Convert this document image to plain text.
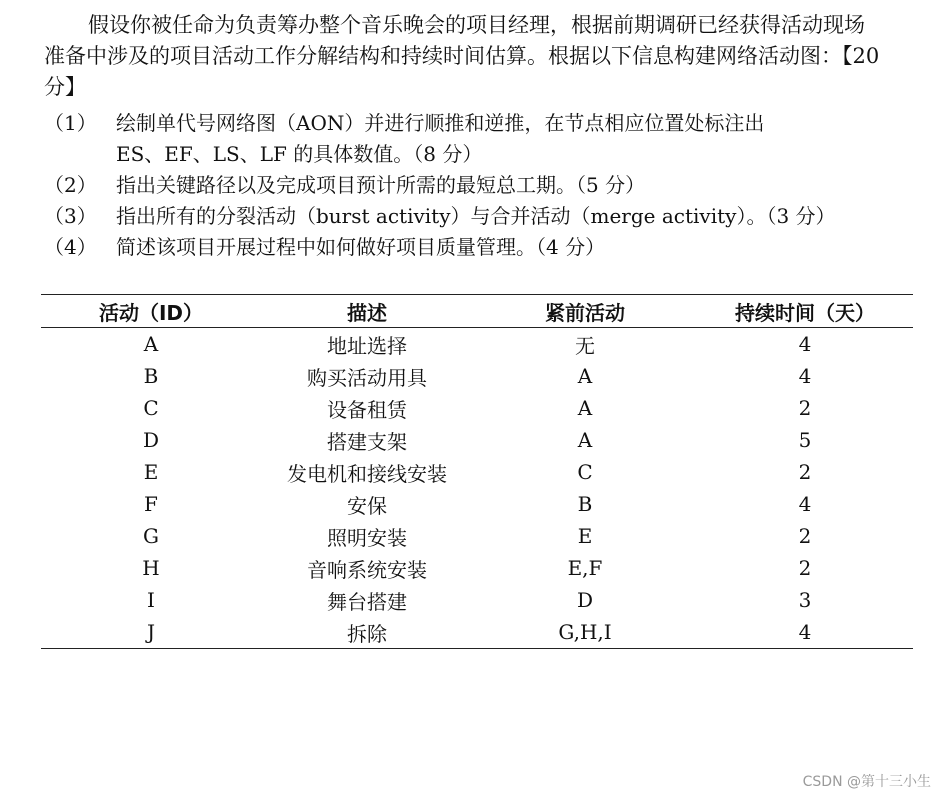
假设你被任命为负责筹办整个音乐晚会的项目经理，根据前期调研已经获得活动现场准备中涉及的项目活动工作分解结构和持续时间估算。根据以下信息构建网络活动图：【20 分】

（1） 绘制单代号网络图（AON）并进行顺推和逆推，在节点相应位置处标注出
ES、EF、LS、LF 的具体数值。（8 分）
（2） 指出关键路径以及完成项目预计所需的最短总工期。（5 分）
（3） 指出所有的分裂活动（burst activity）与合并活动（merge activity）。（3 分）
（4） 简述该项目开展过程中如何做好项目质量管理。（4 分）
活动（ID）	描述	紧前活动	持续时间（天）
A	地址选择	无	4
B	购买活动用具	A	4
C	设备租赁	A	2
D	搭建支架	A	5
E	发电机和接线安装	C	2
F	安保	B	4
G	照明安装	E	2
H	音响系统安装	E,F	2
I	舞台搭建	D	3
J	拆除	G,H,I	4
CSDN @第十三小生
